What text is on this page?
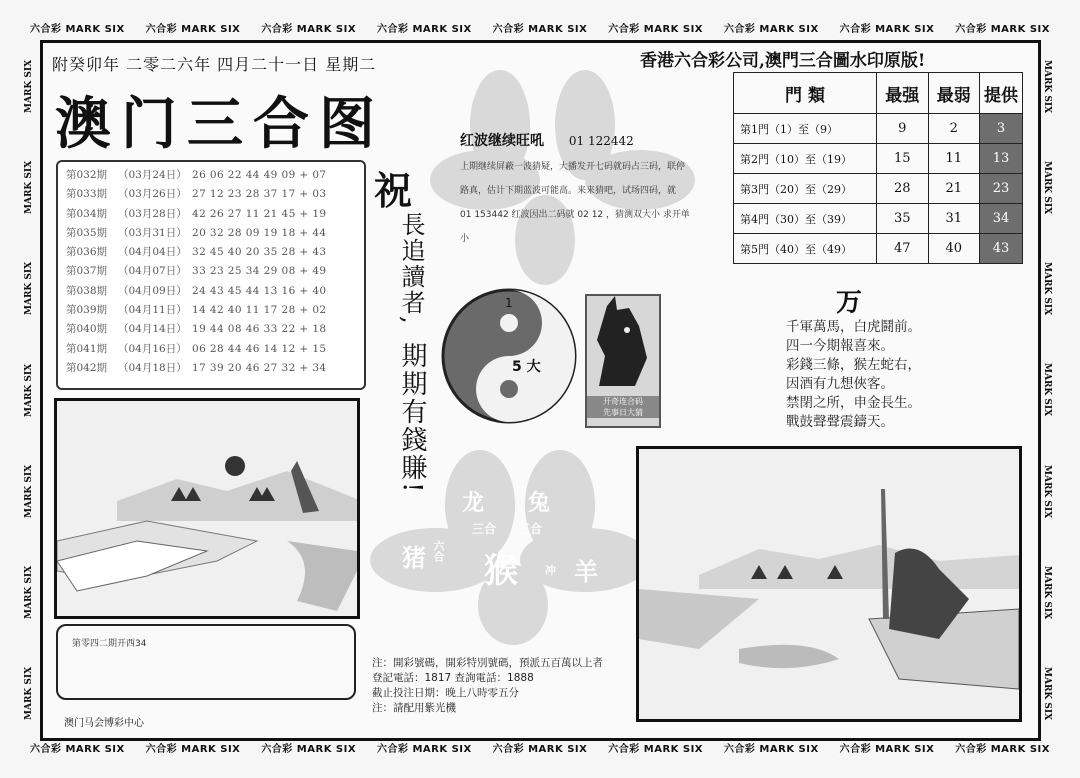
六合彩 MARK SIX 六合彩 MARK SIX 六合彩 MARK SIX 六合彩 MARK SIX 六合彩 MARK SIX 六合彩 MARK SIX 六合彩 MARK SIX 六合彩 MARK SIX 六合彩 MARK SIX
六合彩 MARK SIX 六合彩 MARK SIX 六合彩 MARK SIX 六合彩 MARK SIX 六合彩 MARK SIX 六合彩 MARK SIX 六合彩 MARK SIX 六合彩 MARK SIX 六合彩 MARK SIX
MARK SIX
MARK SIX
MARK SIX
MARK SIX
MARK SIX
MARK SIX
MARK SIX	MARK SIX
MARK SIX
MARK SIX
MARK SIX
MARK SIX
MARK SIX
MARK SIX
附癸卯年 二零二六年 四月二十一日 星期二	香港六合彩公司,澳門三合圖水印原版!
澳门三合图
第032期	（03月24日） 26 06 22 44 49 09 + 07
第033期	（03月26日） 27 12 23 28 37 17 + 03
第034期	（03月28日） 42 26 27 11 21 45 + 19
第035期	（03月31日） 20 32 28 09 19 18 + 44
第036期	（04月04日） 32 45 40 20 35 28 + 43
第037期	（04月07日） 33 23 25 34 29 08 + 49
第038期	（04月09日） 24 43 45 44 13 16 + 40
第039期	（04月11日） 14 42 40 11 17 28 + 02
第040期	（04月14日） 19 44 08 46 33 22 + 18
第041期	（04月16日） 06 28 44 46 14 12 + 15
第042期	（04月18日） 17 39 20 46 27 32 + 34
祝
長追讀者,
期期有錢賺!
红波继续旺吼 01 122442
上期继续屏蔽一波猜疑，大播发开七码就码占三码，联停路真，估计下期蓝波可能高。来来猜吧，试场四码，就 01 153442 红波因出二码就 02 12 ，猜测双大小 求开单小
1
5 大
开奇连合码
先事日大猜
門 類	最强	最弱	提供
第1門（1）至（9）	9	2	3
第2門（10）至（19）	15	11	13
第3門（20）至（29）	28	21	23
第4門（30）至（39）	35	31	34
第5門（40）至（49）	47	40	43
万
千軍萬馬，白虎鬪前。
四一今期報喜來。
彩錢三條，猴左蛇右，
因酒有九想俠客。
禁閉之所，申金長生。
戰鼓聲聲震鑄天。
龙 兔
三合 三合
六合
猪 猴 冲 羊
第零四二期开西34
注：開彩號碼，開彩特別號碼，預派五百萬以上者
登記電話：1817 查詢電話：1888
截止投注日期：晚上八時零五分
注：請配用紫光機
澳门马会博彩中心
